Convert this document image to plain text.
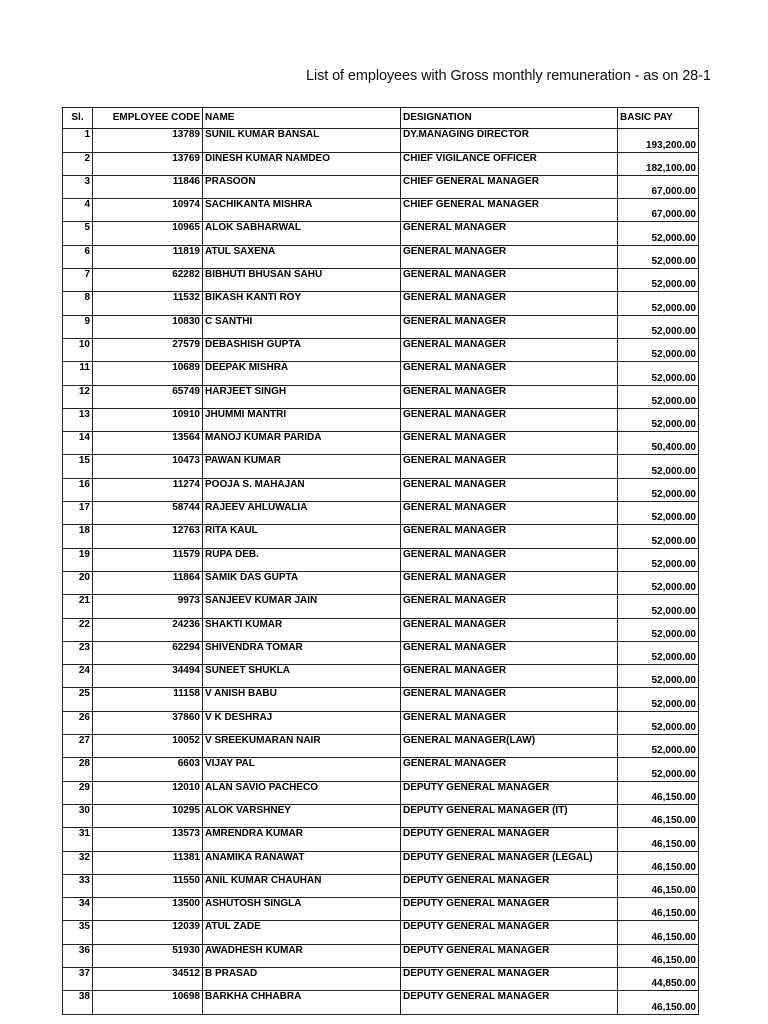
List of employees with Gross monthly remuneration - as on 28-1
Sl.	EMPLOYEE CODE	NAME	DESIGNATION	BASIC PAY
1	13789	SUNIL KUMAR BANSAL	DY.MANAGING DIRECTOR	193,200.00
2	13769	DINESH KUMAR NAMDEO	CHIEF VIGILANCE OFFICER	182,100.00
3	11846	PRASOON	CHIEF GENERAL MANAGER	67,000.00
4	10974	SACHIKANTA MISHRA	CHIEF GENERAL MANAGER	67,000.00
5	10965	ALOK SABHARWAL	GENERAL MANAGER	52,000.00
6	11819	ATUL SAXENA	GENERAL MANAGER	52,000.00
7	62282	BIBHUTI BHUSAN SAHU	GENERAL MANAGER	52,000.00
8	11532	BIKASH KANTI ROY	GENERAL MANAGER	52,000.00
9	10830	C SANTHI	GENERAL MANAGER	52,000.00
10	27579	DEBASHISH GUPTA	GENERAL MANAGER	52,000.00
11	10689	DEEPAK MISHRA	GENERAL MANAGER	52,000.00
12	65749	HARJEET SINGH	GENERAL MANAGER	52,000.00
13	10910	JHUMMI MANTRI	GENERAL MANAGER	52,000.00
14	13564	MANOJ KUMAR PARIDA	GENERAL MANAGER	50,400.00
15	10473	PAWAN KUMAR	GENERAL MANAGER	52,000.00
16	11274	POOJA S. MAHAJAN	GENERAL MANAGER	52,000.00
17	58744	RAJEEV AHLUWALIA	GENERAL MANAGER	52,000.00
18	12763	RITA KAUL	GENERAL MANAGER	52,000.00
19	11579	RUPA DEB.	GENERAL MANAGER	52,000.00
20	11864	SAMIK DAS GUPTA	GENERAL MANAGER	52,000.00
21	9973	SANJEEV KUMAR JAIN	GENERAL MANAGER	52,000.00
22	24236	SHAKTI KUMAR	GENERAL MANAGER	52,000.00
23	62294	SHIVENDRA TOMAR	GENERAL MANAGER	52,000.00
24	34494	SUNEET SHUKLA	GENERAL MANAGER	52,000.00
25	11158	V ANISH BABU	GENERAL MANAGER	52,000.00
26	37860	V K DESHRAJ	GENERAL MANAGER	52,000.00
27	10052	V SREEKUMARAN NAIR	GENERAL MANAGER(LAW)	52,000.00
28	6603	VIJAY PAL	GENERAL MANAGER	52,000.00
29	12010	ALAN SAVIO PACHECO	DEPUTY GENERAL MANAGER	46,150.00
30	10295	ALOK VARSHNEY	DEPUTY GENERAL MANAGER (IT)	46,150.00
31	13573	AMRENDRA KUMAR	DEPUTY GENERAL MANAGER	46,150.00
32	11381	ANAMIKA RANAWAT	DEPUTY GENERAL MANAGER (LEGAL)	46,150.00
33	11550	ANIL KUMAR CHAUHAN	DEPUTY GENERAL MANAGER	46,150.00
34	13500	ASHUTOSH SINGLA	DEPUTY GENERAL MANAGER	46,150.00
35	12039	ATUL ZADE	DEPUTY GENERAL MANAGER	46,150.00
36	51930	AWADHESH KUMAR	DEPUTY GENERAL MANAGER	46,150.00
37	34512	B PRASAD	DEPUTY GENERAL MANAGER	44,850.00
38	10698	BARKHA CHHABRA	DEPUTY GENERAL MANAGER	46,150.00
